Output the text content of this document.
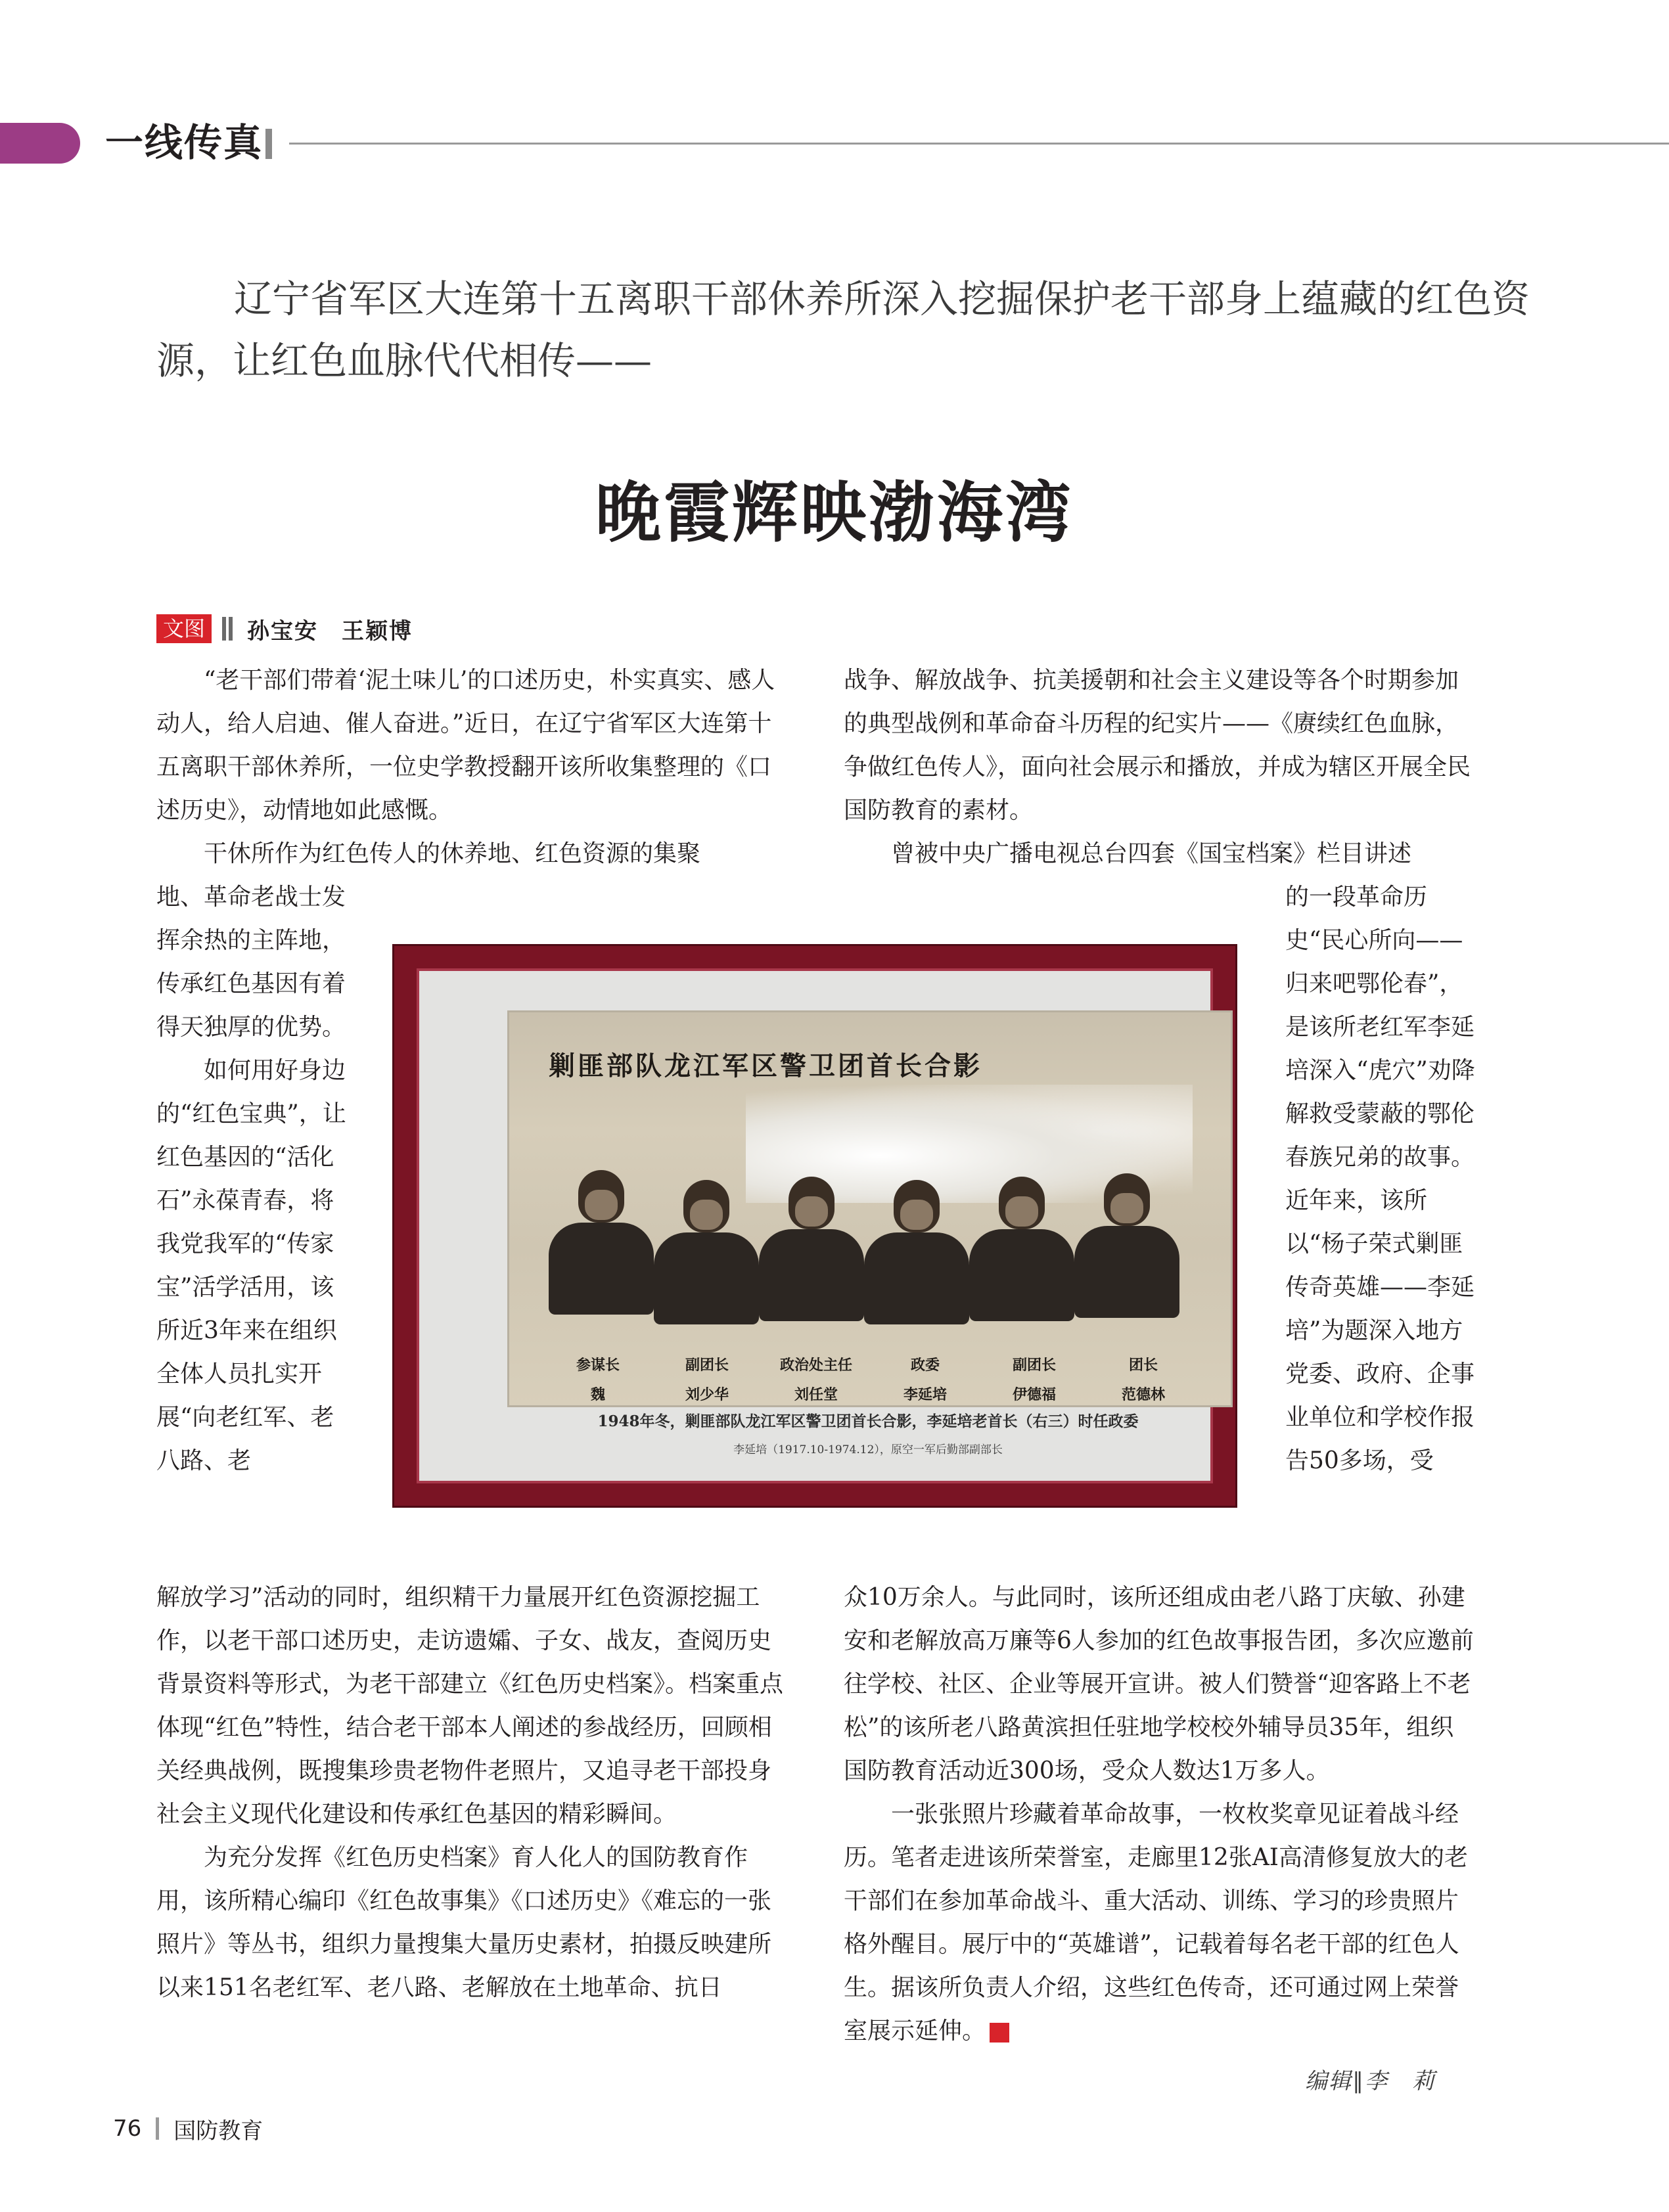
一线传真
辽宁省军区大连第十五离职干部休养所深入挖掘保护老干部身上蕴藏的红色资源，让红色血脉代代相传——
晚霞辉映渤海湾
文图 孙宝安　王颖博

“老干部们带着‘泥土味儿’的口述历史，朴实真实、感人动人，给人启迪、催人奋进。”近日，在辽宁省军区大连第十五离职干部休养所，一位史学教授翻开该所收集整理的《口述历史》，动情地如此感慨。

干休所作为红色传人的休养地、红色资源的集聚

地、革命老战士发挥余热的主阵地，传承红色基因有着得天独厚的优势。

如何用好身边的“红色宝典”，让红色基因的“活化石”永葆青春，将我党我军的“传家宝”活学活用，该所近3年来在组织全体人员扎实开展“向老红军、老八路、老

解放学习”活动的同时，组织精干力量展开红色资源挖掘工作，以老干部口述历史，走访遗孀、子女、战友，查阅历史背景资料等形式，为老干部建立《红色历史档案》。档案重点体现“红色”特性，结合老干部本人阐述的参战经历，回顾相关经典战例，既搜集珍贵老物件老照片，又追寻老干部投身社会主义现代化建设和传承红色基因的精彩瞬间。

为充分发挥《红色历史档案》育人化人的国防教育作用，该所精心编印《红色故事集》《口述历史》《难忘的一张照片》等丛书，组织力量搜集大量历史素材，拍摄反映建所以来151名老红军、老八路、老解放在土地革命、抗日

战争、解放战争、抗美援朝和社会主义建设等各个时期参加的典型战例和革命奋斗历程的纪实片——《赓续红色血脉，争做红色传人》，面向社会展示和播放，并成为辖区开展全民国防教育的素材。

曾被中央广播电视总台四套《国宝档案》栏目讲述

的一段革命历史“民心所向——归来吧鄂伦春”，是该所老红军李延培深入“虎穴”劝降解救受蒙蔽的鄂伦春族兄弟的故事。近年来，该所以“杨子荣式剿匪传奇英雄——李延培”为题深入地方党委、政府、企事业单位和学校作报告50多场，受

众10万余人。与此同时，该所还组成由老八路丁庆敏、孙建安和老解放高万廉等6人参加的红色故事报告团，多次应邀前往学校、社区、企业等展开宣讲。被人们赞誉“迎客路上不老松”的该所老八路黄滨担任驻地学校校外辅导员35年，组织国防教育活动近300场，受众人数达1万多人。

一张张照片珍藏着革命故事，一枚枚奖章见证着战斗经历。笔者走进该所荣誉室，走廊里12张AI高清修复放大的老干部们在参加革命战斗、重大活动、训练、学习的珍贵照片格外醒目。展厅中的“英雄谱”，记载着每名老干部的红色人生。据该所负责人介绍，这些红色传奇，还可通过网上荣誉室展示延伸。	G

剿匪部队龙江军区警卫团首长合影
参谋长	副团长	政治处主任	政委	副团长	团长
魏	刘少华	刘任堂	李延培	伊德福	范德林
1948年冬，剿匪部队龙江军区警卫团首长合影，李延培老首长（右三）时任政委
李延培（1917.10-1974.12），原空一军后勤部副部长
编辑∥李　莉
76 国防教育
